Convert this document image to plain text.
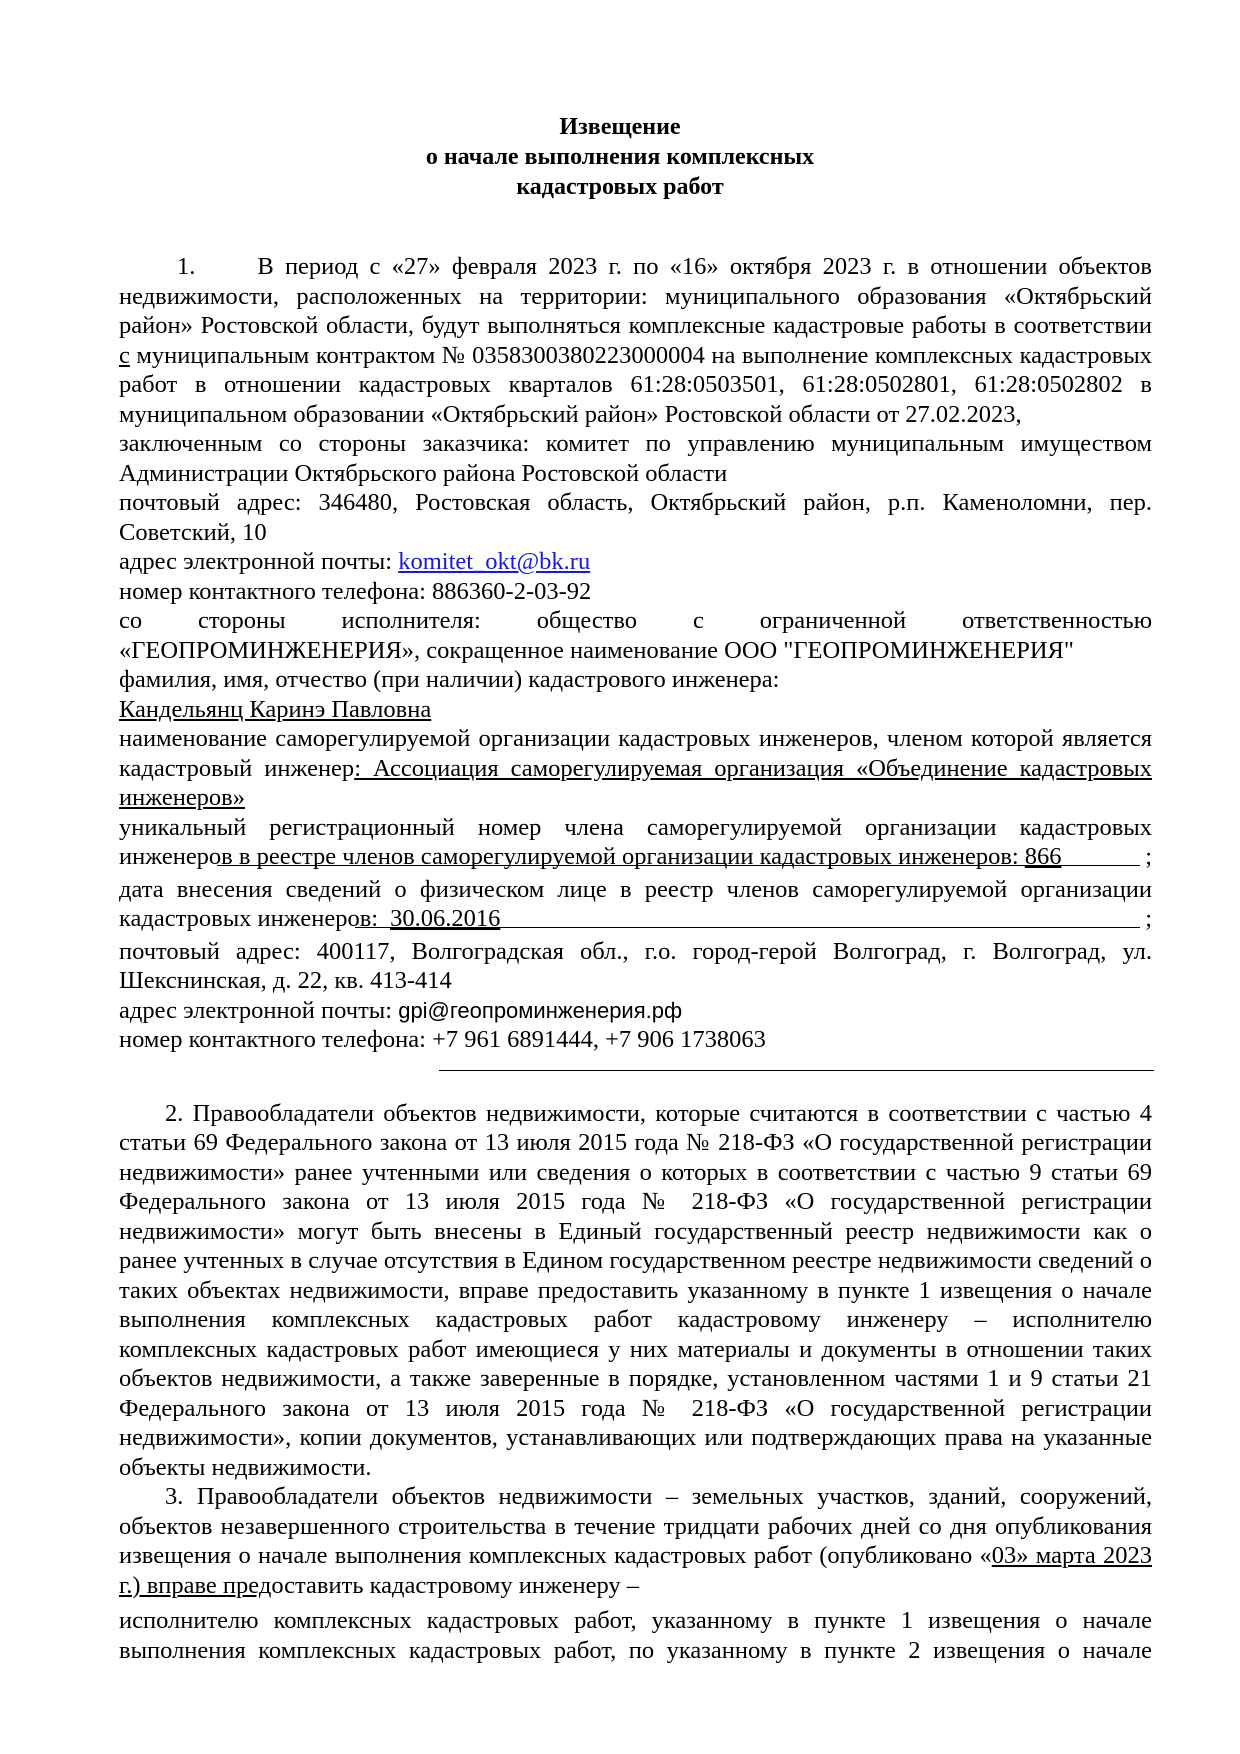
Извещение
о начале выполнения комплексных
кадастровых работ
1.	В период с «27» февраля 2023 г. по «16» октября 2023 г. в отношении объектов недвижимости, расположенных на территории: муниципального образования «Октябрьский район» Ростовской области, будут выполняться комплексные кадастровые работы в соответствии с муниципальным контрактом № 0358300380223000004 на выполнение комплексных кадастровых работ в отношении кадастровых кварталов 61:28:0503501, 61:28:0502801, 61:28:0502802 в муниципальном образовании «Октябрьский район» Ростовской области от 27.02.2023,
заключенным со стороны заказчика: комитет по управлению муниципальным имуществом Администрации Октябрьского района Ростовской области
почтовый адрес: 346480, Ростовская область, Октябрьский район, р.п. Каменоломни, пер. Советский, 10
адрес электронной почты: komitet_okt@bk.ru
номер контактного телефона: 886360-2-03-92
со стороны исполнителя: общество с ограниченной ответственностью
«ГЕОПРОМИНЖЕНЕРИЯ», сокращенное наименование ООО "ГЕОПРОМИНЖЕНЕРИЯ"
фамилия, имя, отчество (при наличии) кадастрового инженера:
Кандельянц Каринэ Павловна
наименование саморегулируемой организации кадастровых инженеров, членом которой является кадастровый инженер: Ассоциация саморегулируемая организация «Объединение кадастровых инженеров»
уникальный регистрационный номер члена саморегулируемой организации кадастровых инженеров в реестре членов саморегулируемой организации кадастровых инженеров: 866	;
дата внесения сведений о физическом лице в реестр членов саморегулируемой организации кадастровых инженеров: 30.06.2016	;
почтовый адрес: 400117, Волгоградская обл., г.о. город-герой Волгоград, г. Волгоград, ул. Шекснинская, д. 22, кв. 413-414
адрес электронной почты: gpi@геопроминженерия.рф
номер контактного телефона: +7 961 6891444, +7 906 1738063
2. Правообладатели объектов недвижимости, которые считаются в соответствии с частью 4 статьи 69 Федерального закона от 13 июля 2015 года № 218-ФЗ «О государственной регистрации недвижимости» ранее учтенными или сведения о которых в соответствии с частью 9 статьи 69 Федерального закона от 13 июля 2015 года № 218-ФЗ «О государственной регистрации недвижимости» могут быть внесены в Единый государственный реестр недвижимости как о ранее учтенных в случае отсутствия в Едином государственном реестре недвижимости сведений о таких объектах недвижимости, вправе предоставить указанному в пункте 1 извещения о начале выполнения комплексных кадастровых работ кадастровому инженеру – исполнителю комплексных кадастровых работ имеющиеся у них материалы и документы в отношении таких объектов недвижимости, а также заверенные в порядке, установленном частями 1 и 9 статьи 21 Федерального закона от 13 июля 2015 года № 218-ФЗ «О государственной регистрации недвижимости», копии документов, устанавливающих или подтверждающих права на указанные объекты недвижимости.
3. Правообладатели объектов недвижимости – земельных участков, зданий, сооружений, объектов незавершенного строительства в течение тридцати рабочих дней со дня опубликования извещения о начале выполнения комплексных кадастровых работ (опубликовано «03» марта 2023 г.) вправе предоставить кадастровому инженеру –
исполнителю комплексных кадастровых работ, указанному в пункте 1 извещения о начале выполнения комплексных кадастровых работ, по указанному в пункте 2 извещения о начале
